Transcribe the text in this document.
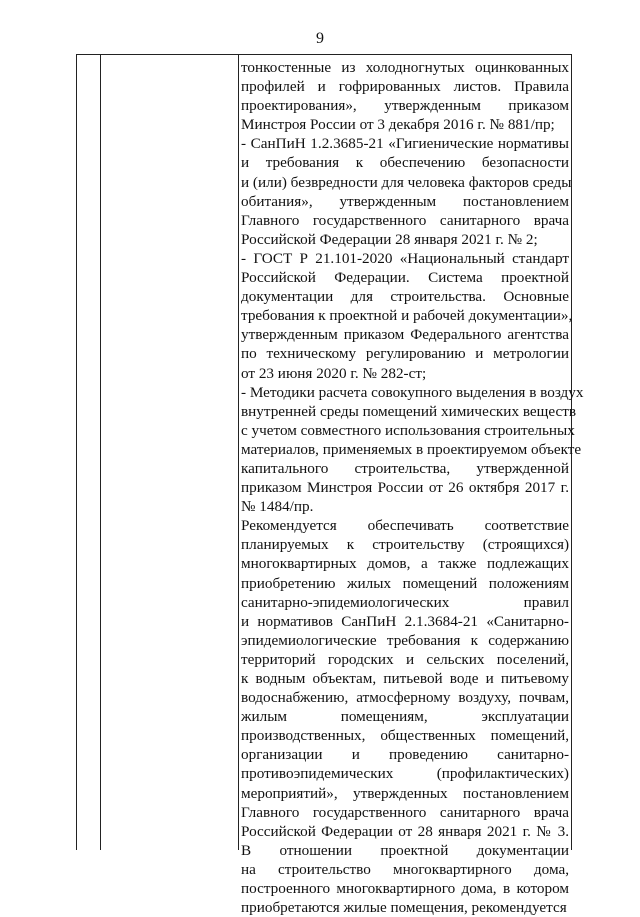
9
тонкостенные из холодногнутых оцинкованных
профилей и гофрированных листов. Правила
проектирования», утвержденным приказом
Минстроя России от 3 декабря 2016 г. № 881/пр;
- СанПиН 1.2.3685-21 «Гигиенические нормативы
и требования к обеспечению безопасности
и (или) безвредности для человека факторов среды
обитания», утвержденным постановлением
Главного государственного санитарного врача
Российской Федерации 28 января 2021 г. № 2;
- ГОСТ Р 21.101-2020 «Национальный стандарт
Российской Федерации. Система проектной
документации для строительства. Основные
требования к проектной и рабочей документации»,
утвержденным приказом Федерального агентства
по техническому регулированию и метрологии
от 23 июня 2020 г. № 282-ст;
- Методики расчета совокупного выделения в воздух
внутренней среды помещений химических веществ
с учетом совместного использования строительных
материалов, применяемых в проектируемом объекте
капитального строительства, утвержденной
приказом Минстроя России от 26 октября 2017 г.
№ 1484/пр.
Рекомендуется обеспечивать соответствие
планируемых к строительству (строящихся)
многоквартирных домов, а также подлежащих
приобретению жилых помещений положениям
санитарно-эпидемиологических правил
и нормативов СанПиН 2.1.3684-21 «Санитарно-
эпидемиологические требования к содержанию
территорий городских и сельских поселений,
к водным объектам, питьевой воде и питьевому
водоснабжению, атмосферному воздуху, почвам,
жилым помещениям, эксплуатации
производственных, общественных помещений,
организации и проведению санитарно-
противоэпидемических (профилактических)
мероприятий», утвержденных постановлением
Главного государственного санитарного врача
Российской Федерации от 28 января 2021 г. № 3.
В отношении проектной документации
на строительство многоквартирного дома,
построенного многоквартирного дома, в котором
приобретаются жилые помещения, рекомендуется
